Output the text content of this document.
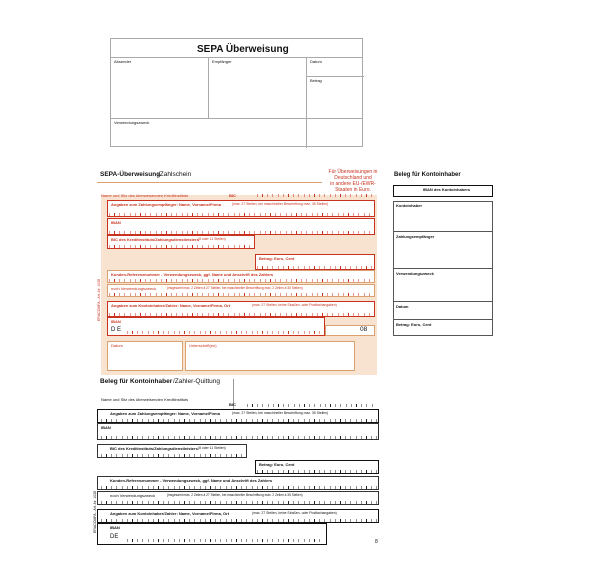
SEPA Überweisung
Absender	Empfänger	Datum
Betrag
Verwendungszweck
SEPA-Überweisung
/Zahlschein	Für Überweisungen in
Deutschland und
in andere EU-/EWR-
Staaten in Euro.
Name und Sitz des überweisenden Kreditinstituts	BIC
Angaben zum Zahlungsempfänger: Name, Vorname/Firma	(max. 27 Stellen, bei maschineller Beschriftung max. 35 Stellen)
IBAN
BIC des Kreditinstituts/Zahlungsdienstleisters (8 oder 11 Stellen)
Betrag: Euro, Cent
Kunden-Referenznummer - Verwendungszweck, ggf. Name und Anschrift des Zahlers
noch Verwendungszweck	(insgesamt max. 2 Zeilen à 27 Stellen, bei maschineller Beschriftung max. 2 Zeilen à 35 Stellen)
Angaben zum Kontoinhaber/Zahler: Name, Vorname/Firma, Ort	(max. 27 Stellen, keine Straßen- oder Postfachangaben)
IBAN
D E	08
Datum	Unterschrift(en)
ERACOMFA - Art.-Nr. 1028
Beleg für Kontoinhaber
IBAN des Kontoinhabers
Kontoinhaber
Zahlungsempfänger
Verwendungszweck
Datum
Betrag: Euro, Cent
Beleg für Kontoinhaber /Zahler-Quittung
Name und Sitz des überweisenden Kreditinstituts
BIC
Angaben zum Zahlungsempfänger: Name, Vorname/Firma	(max. 27 Stellen, bei maschineller Beschriftung max. 35 Stellen)
IBAN
BIC des Kreditinstituts/Zahlungsdienstleisters (8 oder 11 Stellen)
Betrag: Euro, Cent
Kunden-Referenznummer - Verwendungszweck, ggf. Name und Anschrift des Zahlers
noch Verwendungszweck	(insgesamt max. 2 Zeilen à 27 Stellen, bei maschineller Beschriftung max. 2 Zeilen à 35 Stellen)
Angaben zum Kontoinhaber/Zahler: Name, Vorname/Firma, Ort	(max. 27 Stellen, keine Straßen- oder Postfachangaben)
IBAN
DE
8
ERACOMFA - Art.-Nr. 1028
